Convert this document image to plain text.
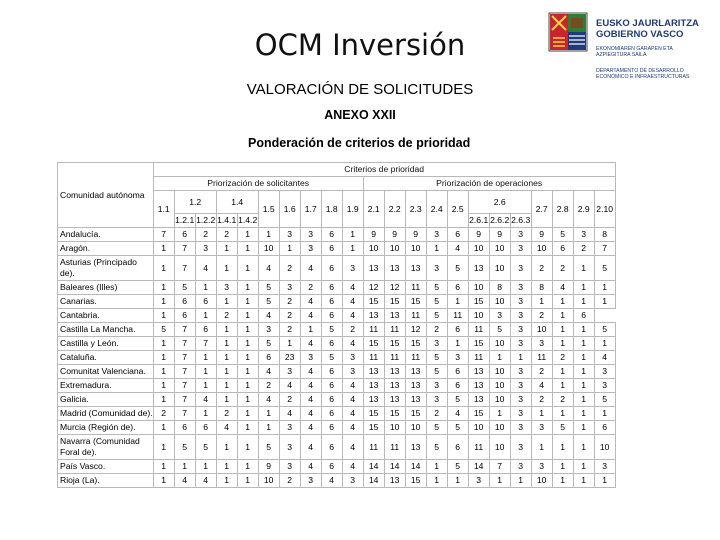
OCM Inversión
VALORACIÓN DE SOLICITUDES
ANEXO XXII
Ponderación de criterios de prioridad
EUSKO JAURLARITZA
GOBIERNO VASCO
EKONOMIAREN GARAPEN ETA AZPIEGITURA SAILA
DEPARTAMENTO DE DESARROLLO ECONÓMICO E INFRAESTRUCTURAS
Comunidad autónoma	Criterios de prioridad																					
	Priorización de solicitantes										Priorización de operaciones											
	1.1	1.2		1.4		1.5	1.6	1.7	1.8	1.9	2.1	2.2	2.3	2.4	2.5	2.6			2.7	2.8	2.9	2.10
		1.2.1	1.2.2	1.4.1	1.4.2											2.6.1	2.6.2	2.6.3				
Andalucía.	7	6	2	2	1	1	3	3	6	1	9	9	9	3	6	9	9	3	9	5	3	8
Aragón.	1	7	3	1	1	10	1	3	6	1	10	10	10	1	4	10	10	3	10	6	2	7
Asturias (Principado de).	1	7	4	1	1	4	2	4	6	3	13	13	13	3	5	13	10	3	2	2	1	5
Baleares (Illes)	1	5	1	3	1	5	3	2	6	4	12	12	11	5	6	10	8	3	8	4	1	1
Canarias.	1	6	6	1	1	5	2	4	6	4	15	15	15	5	1	15	10	3	1	1	1	1
Cantabria.	1	6	1	2	1	4	2	4	6	4	13	13	11	5	11	10	3	3	2	1	6	
Castilla La Mancha.	5	7	6	1	1	3	2	1	5	2	11	11	12	2	6	11	5	3	10	1	1	5
Castilla y León.	1	7	7	1	1	5	1	4	6	4	15	15	15	3	1	15	10	3	3	1	1	1
Cataluña.	1	7	1	1	1	6	23	3	5	3	11	11	11	5	3	11	1	1	11	2	1	4
Comunitat Valenciana.	1	7	1	1	1	4	3	4	6	3	13	13	13	5	6	13	10	3	2	1	1	3
Extremadura.	1	7	1	1	1	2	4	4	6	4	13	13	13	3	6	13	10	3	4	1	1	3
Galicia.	1	7	4	1	1	4	2	4	6	4	13	13	13	3	5	13	10	3	2	2	1	5
Madrid (Comunidad de).	2	7	1	2	1	1	4	4	6	4	15	15	15	2	4	15	1	3	1	1	1	1
Murcia (Región de).	1	6	6	4	1	1	3	4	6	4	15	10	10	5	5	10	10	3	3	5	1	6
Navarra (Comunidad Foral de).	1	5	5	1	1	5	3	4	6	4	11	11	13	5	6	11	10	3	1	1	1	10
País Vasco.	1	1	1	1	1	9	3	4	6	4	14	14	14	1	5	14	7	3	3	1	1	3
Rioja (La).	1	4	4	1	1	10	2	3	4	3	14	13	15	1	1	3	1	1	10	1	1	1
